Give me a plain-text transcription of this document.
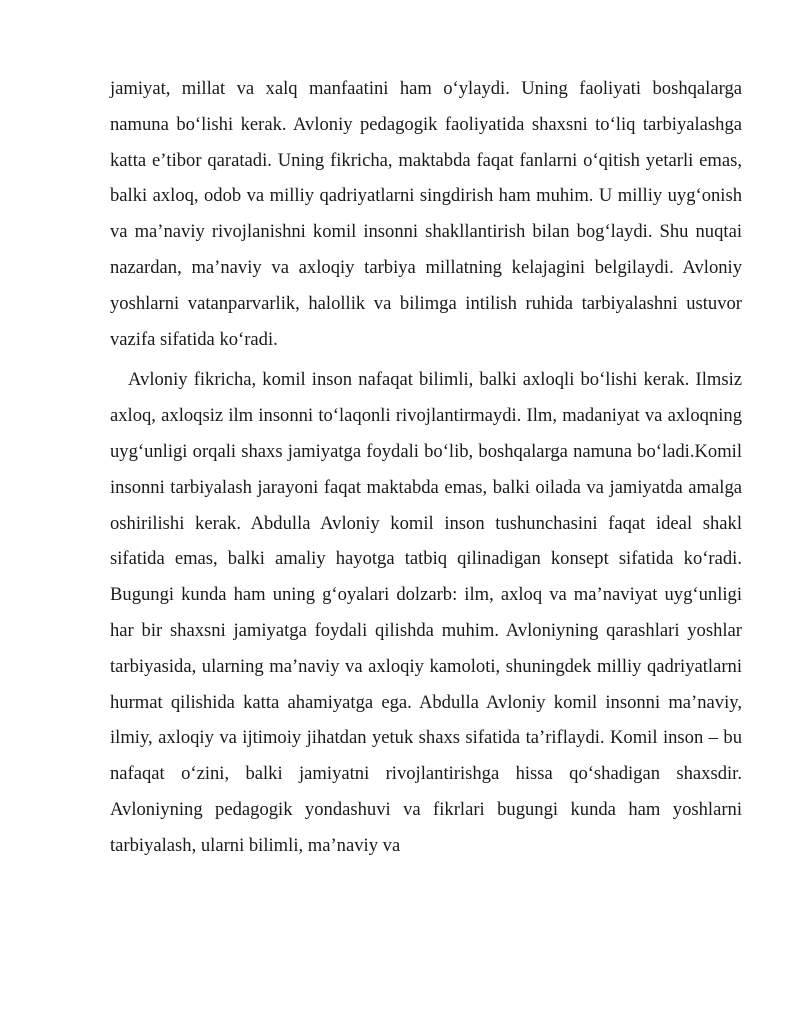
jamiyat, millat va xalq manfaatini ham oʻylaydi. Uning faoliyati boshqalarga namuna boʻlishi kerak. Avloniy pedagogik faoliyatida shaxsni toʻliq tarbiyalashga katta eʼtibor qaratadi. Uning fikricha, maktabda faqat fanlarni oʻqitish yetarli emas, balki axloq, odob va milliy qadriyatlarni singdirish ham muhim. U milliy uygʻonish va maʼnaviy rivojlanishni komil insonni shakllantirish bilan bogʻlaydi. Shu nuqtai nazardan, maʼnaviy va axloqiy tarbiya millatning kelajagini belgilaydi. Avloniy yoshlarni vatanparvarlik, halollik va bilimga intilish ruhida tarbiyalashni ustuvor vazifa sifatida koʻradi.

Avloniy fikricha, komil inson nafaqat bilimli, balki axloqli boʻlishi kerak. Ilmsiz axloq, axloqsiz ilm insonni toʻlaqonli rivojlantirmaydi. Ilm, madaniyat va axloqning uygʻunligi orqali shaxs jamiyatga foydali boʻlib, boshqalarga namuna boʻladi.Komil insonni tarbiyalash jarayoni faqat maktabda emas, balki oilada va jamiyatda amalga oshirilishi kerak. Abdulla Avloniy komil inson tushunchasini faqat ideal shakl sifatida emas, balki amaliy hayotga tatbiq qilinadigan konsept sifatida koʻradi. Bugungi kunda ham uning gʻoyalari dolzarb: ilm, axloq va maʼnaviyat uygʻunligi har bir shaxsni jamiyatga foydali qilishda muhim. Avloniyning qarashlari yoshlar tarbiyasida, ularning maʼnaviy va axloqiy kamoloti, shuningdek milliy qadriyatlarni hurmat qilishida katta ahamiyatga ega. Abdulla Avloniy komil insonni maʼnaviy, ilmiy, axloqiy va ijtimoiy jihatdan yetuk shaxs sifatida taʼriflaydi. Komil inson – bu nafaqat oʻzini, balki jamiyatni rivojlantirishga hissa qoʻshadigan shaxsdir. Avloniyning pedagogik yondashuvi va fikrlari bugungi kunda ham yoshlarni tarbiyalash, ularni bilimli, maʼnaviy va
